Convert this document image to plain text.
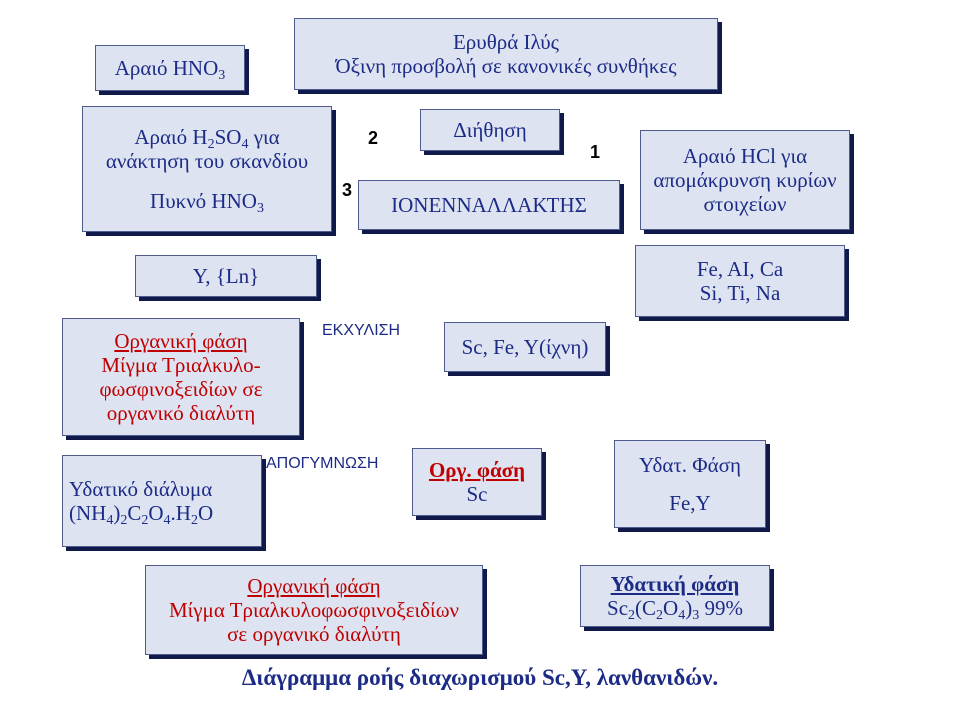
Αραιό $HNO_3$
Ερυθρά Ιλύς
Όξινη προσβολή σε κανονικές συνθήκες
Αραιό $H_2SO_4$ για
ανάκτηση του σκανδίου
Πυκνό $HNO_3$
2
3
Διήθηση
1
ΙΟΝΕΝΝΑΛΛΑΚΤΗΣ
Αραιό HCl για
απομάκρυνση κυρίων
στοιχείων
Y, {Ln}	Fe, AI, Ca
Si, Ti, Na
Οργανική φάση
Μίγμα Τριαλκυλο-
φωσφινοξειδίων σε
οργανικό διαλύτη
ΕΚΧΥΛΙΣΗ
Sc, Fe, Y(ίχνη)
Υδατικό διάλυμα
$(NH_4)_2C_2O_4.H_2O$
ΑΠΟΓΥΜΝΩΣΗ Οργ. φάση
Sc
Υδατ. Φάση
Fe,Y
Οργανική φάση
Μίγμα Τριαλκυλοφωσφινοξειδίων
σε οργανικό διαλύτη
Υδατική φάση
$Sc_2(C_2O_4)_3$ 99%
Διάγραμμα ροής διαχωρισμού Sc,Y, λανθανιδών.
